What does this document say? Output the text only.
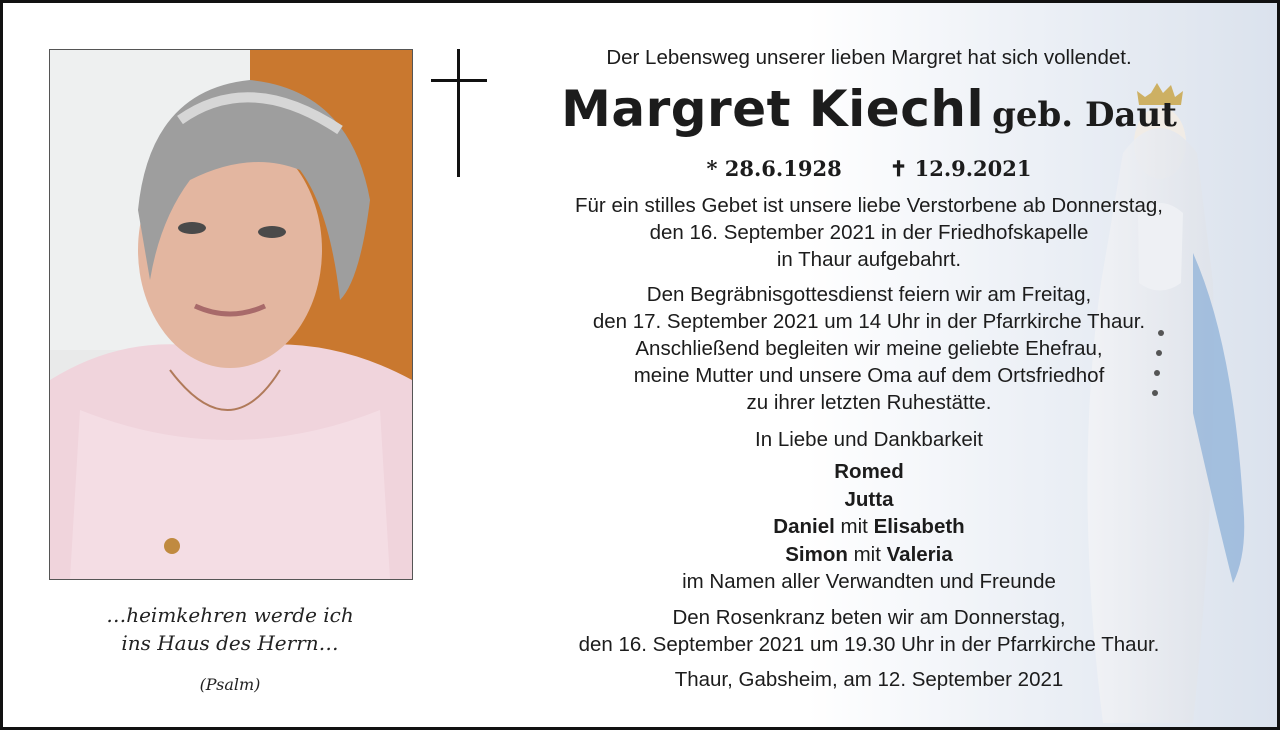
…heimkehren werde ich
ins Haus des Herrn…
(Psalm)
Der Lebensweg unserer lieben Margret hat sich vollendet.
Margret Kiechl geb. Daut
* 28.6.1928 ✝ 12.9.2021

Für ein stilles Gebet ist unsere liebe Verstorbene ab Donnerstag,

den 16. September 2021 in der Friedhofskapelle

in Thaur aufgebahrt.

Den Begräbnisgottesdienst feiern wir am Freitag,

den 17. September 2021 um 14 Uhr in der Pfarrkirche Thaur.

Anschließend begleiten wir meine geliebte Ehefrau,

meine Mutter und unsere Oma auf dem Ortsfriedhof

zu ihrer letzten Ruhestätte.

In Liebe und Dankbarkeit

Romed

Jutta

Daniel mit Elisabeth

Simon mit Valeria

im Namen aller Verwandten und Freunde

Den Rosenkranz beten wir am Donnerstag,

den 16. September 2021 um 19.30 Uhr in der Pfarrkirche Thaur.

Thaur, Gabsheim, am 12. September 2021
